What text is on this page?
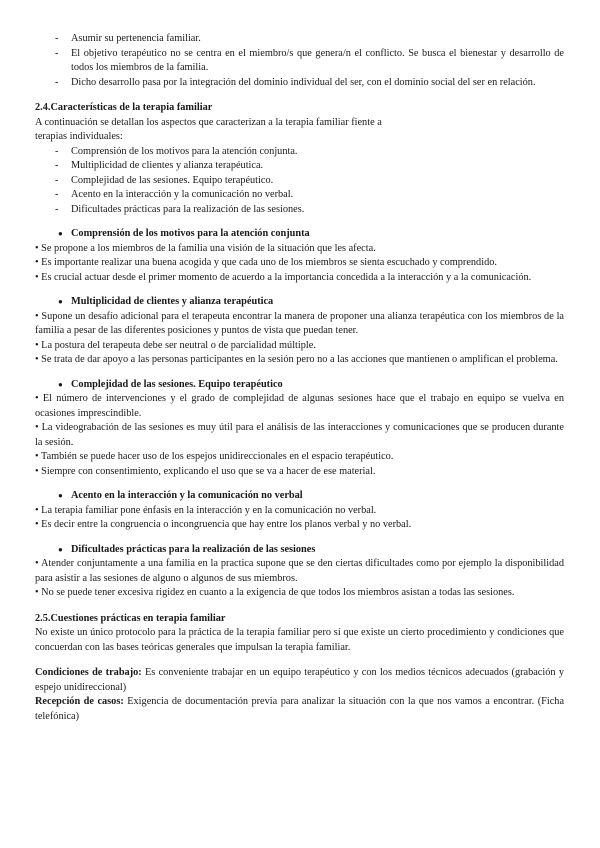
- Asumir su pertenencia familiar.
- El objetivo terapéutico no se centra en el miembro/s que genera/n el conflicto. Se busca el bienestar y desarrollo de todos los miembros de la familia.
- Dicho desarrollo pasa por la integración del dominio individual del ser, con el dominio social del ser en relación.
2.4.Características de la terapia familiar

A continuación se detallan los aspectos que caracterizan a la terapia familiar fiente a

terapias individuales:

- Comprensión de los motivos para la atención conjunta.
- Multiplicidad de clientes y alianza terapéutica.
- Complejidad de las sesiones. Equipo terapéutico.
- Acento en la interacción y la comunicación no verbal.
- Dificultades prácticas para la realización de las sesiones.
● Comprensión de los motivos para la atención conjunta
• Se propone a los miembros de la familia una visión de la situación que les afecta.
• Es importante realizar una buena acogida y que cada uno de los miembros se sienta escuchado y comprendido.
• Es crucial actuar desde el primer momento de acuerdo a la importancia concedida a la interacción y a la comunicación.
● Multiplicidad de clientes y alianza terapéutica
• Supone un desafío adicional para el terapeuta encontrar la manera de proponer una alianza terapéutica con los miembros de la familia a pesar de las diferentes posiciones y puntos de vista que puedan tener.
• La postura del terapeuta debe ser neutral o de parcialidad múltiple.
• Se trata de dar apoyo a las personas participantes en la sesión pero no a las acciones que mantienen o amplifican el problema.
● Complejidad de las sesiones. Equipo terapéutico
• El número de intervenciones y el grado de complejidad de algunas sesiones hace que el trabajo en equipo se vuelva en ocasiones imprescindible.
• La videograbación de las sesiones es muy útil para el análisis de las interacciones y comunicaciones que se producen durante la sesión.
• También se puede hacer uso de los espejos unidireccionales en el espacio terapéutico.
• Siempre con consentimiento, explicando el uso que se va a hacer de ese material.
● Acento en la interacción y la comunicación no verbal
• La terapia familiar pone énfasis en la interacción y en la comunicación no verbal.
• Es decir entre la congruencia o incongruencia que hay entre los planos verbal y no verbal.
● Dificultades prácticas para la realización de las sesiones
• Atender conjuntamente a una familia en la practica supone que se den ciertas dificultades como por ejemplo la disponibilidad para asistir a las sesiones de alguno o algunos de sus miembros.
• No se puede tener excesiva rigidez en cuanto a la exigencia de que todos los miembros asistan a todas las sesiones.
2.5.Cuestiones prácticas en terapia familiar

No existe un único protocolo para la práctica de la terapia familiar pero sí que existe un cierto procedimiento y condiciones que concuerdan con las bases teóricas generales que impulsan la terapia familiar.

Condiciones de trabajo: Es conveniente trabajar en un equipo terapéutico y con los medios técnicos adecuados (grabación y espejo unidireccional)

Recepción de casos: Exigencia de documentación previa para analizar la situación con la que nos vamos a encontrar. (Ficha telefónica)
